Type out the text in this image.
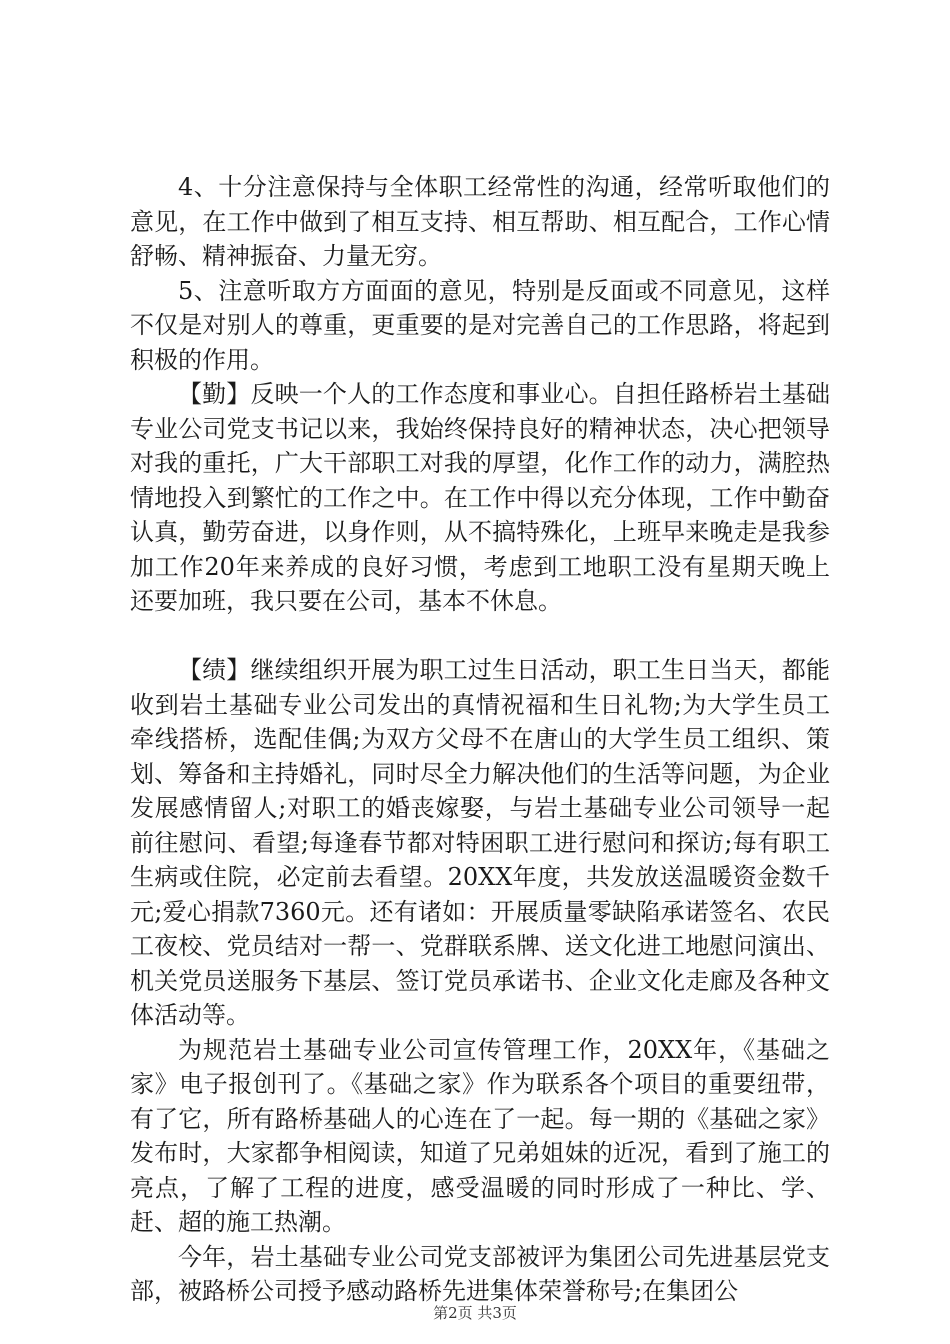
4、十分注意保持与全体职工经常性的沟通，经常听取他们的意见，在工作中做到了相互支持、相互帮助、相互配合，工作心情舒畅、精神振奋、力量无穷。

5、注意听取方方面面的意见，特别是反面或不同意见，这样不仅是对别人的尊重，更重要的是对完善自己的工作思路，将起到积极的作用。

【勤】反映一个人的工作态度和事业心。自担任路桥岩土基础专业公司党支书记以来，我始终保持良好的精神状态，决心把领导对我的重托，广大干部职工对我的厚望，化作工作的动力，满腔热情地投入到繁忙的工作之中。在工作中得以充分体现，工作中勤奋认真，勤劳奋进，以身作则，从不搞特殊化，上班早来晚走是我参加工作20年来养成的良好习惯，考虑到工地职工没有星期天晚上还要加班，我只要在公司，基本不休息。

【绩】继续组织开展为职工过生日活动，职工生日当天，都能收到岩土基础专业公司发出的真情祝福和生日礼物;为大学生员工牵线搭桥，选配佳偶;为双方父母不在唐山的大学生员工组织、策划、筹备和主持婚礼，同时尽全力解决他们的生活等问题，为企业发展感情留人;对职工的婚丧嫁娶，与岩土基础专业公司领导一起前往慰问、看望;每逢春节都对特困职工进行慰问和探访;每有职工生病或住院，必定前去看望。20XX年度，共发放送温暖资金数千元;爱心捐款7360元。还有诸如：开展质量零缺陷承诺签名、农民工夜校、党员结对一帮一、党群联系牌、送文化进工地慰问演出、机关党员送服务下基层、签订党员承诺书、企业文化走廊及各种文体活动等。

为规范岩土基础专业公司宣传管理工作，20XX年，《基础之家》电子报创刊了。《基础之家》作为联系各个项目的重要纽带，有了它，所有路桥基础人的心连在了一起。每一期的《基础之家》发布时，大家都争相阅读，知道了兄弟姐妹的近况，看到了施工的亮点，了解了工程的进度，感受温暖的同时形成了一种比、学、赶、超的施工热潮。

今年，岩土基础专业公司党支部被评为集团公司先进基层党支部，被路桥公司授予感动路桥先进集体荣誉称号;在集团公

第2页 共3页
